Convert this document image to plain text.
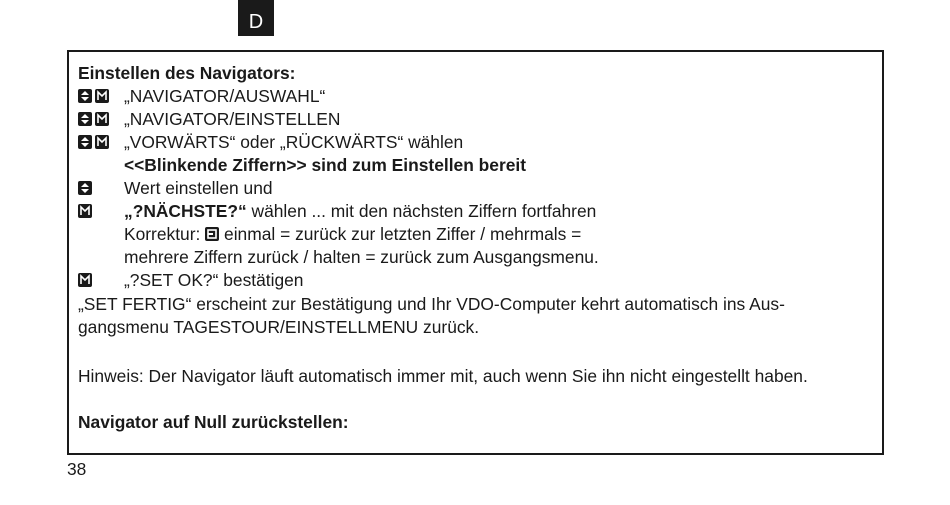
D
Einstellen des Navigators:
„NAVIGATOR/AUSWAHL“
„NAVIGATOR/EINSTELLEN
„VORWÄRTS“ oder „RÜCKWÄRTS“ wählen
<<Blinkende Ziffern>> sind zum Einstellen bereit
Wert einstellen und
„?NÄCHSTE?“ wählen ... mit den nächsten Ziffern fortfahren
Korrektur:
einmal = zurück zur letzten Ziffer / mehrmals =
mehrere Ziffern zurück / halten = zurück zum Ausgangsmenu.
„?SET OK?“ bestätigen
„SET FERTIG“ erscheint zur Bestätigung und Ihr VDO-Computer kehrt automatisch ins Aus-
gangsmenu TAGESTOUR/EINSTELLMENU zurück.
Hinweis: Der Navigator läuft automatisch immer mit, auch wenn Sie ihn nicht eingestellt haben.
Navigator auf Null zurückstellen:
38
